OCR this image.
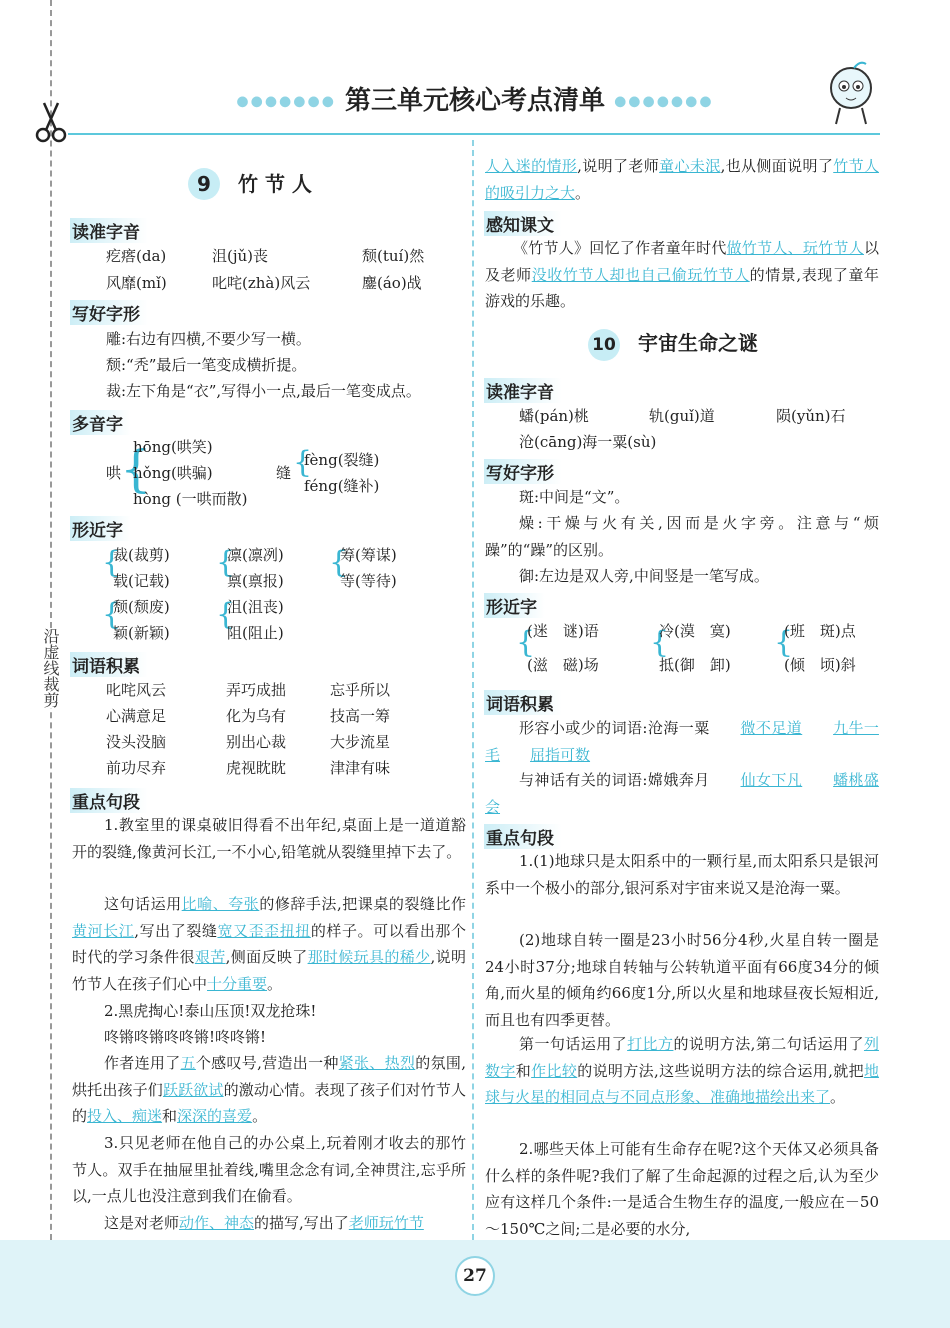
沿虚线裁剪
●●●●●●● 第三单元核心考点清单 ●●●●●●●
9 竹 节 人
读准字音
疙瘩(da)	沮(jǔ)丧	颓(tuí)然
风靡(mǐ)	叱咤(zhà)风云	鏖(áo)战
写好字形
雕:右边有四横,不要少写一横。
颓:“秃”最后一笔变成横折提。
裁:左下角是“衣”,写得小一点,最后一笔变成点。
多音字
哄
{
hōng(哄笑)
hǒng(哄骗)
hòng (一哄而散)
缝 {
fèng(裂缝)
féng(缝补)
形近字
{
裁(裁剪)
载(记载)
{
凛(凛冽)
禀(禀报)
{
筹(筹谋)
等(等待)
{
颓(颓废)
颖(新颖)
{
沮(沮丧)
阻(阻止)
词语积累
叱咤风云	弄巧成拙	忘乎所以
心满意足	化为乌有	技高一筹
没头没脑	别出心裁	大步流星
前功尽弃	虎视眈眈	津津有味
重点句段
1.教室里的课桌破旧得看不出年纪,桌面上是一道道豁开的裂缝,像黄河长江,一不小心,铅笔就从裂缝里掉下去了。
这句话运用比喻、夸张的修辞手法,把课桌的裂缝比作黄河长江,写出了裂缝宽又歪歪扭扭的样子。可以看出那个时代的学习条件很艰苦,侧面反映了那时候玩具的稀少,说明竹节人在孩子们心中十分重要。
2.黑虎掏心!泰山压顶!双龙抢珠!
咚锵咚锵咚咚锵!咚咚锵!
作者连用了五个感叹号,营造出一种紧张、热烈的氛围,烘托出孩子们跃跃欲试的激动心情。表现了孩子们对竹节人的投入、痴迷和深深的喜爱。
3.只见老师在他自己的办公桌上,玩着刚才收去的那竹节人。双手在抽屉里扯着线,嘴里念念有词,全神贯注,忘乎所以,一点儿也没注意到我们在偷看。
这是对老师动作、神态的描写,写出了老师玩竹节
人入迷的情形,说明了老师童心未泯,也从侧面说明了竹节人的吸引力之大。
感知课文
《竹节人》回忆了作者童年时代做竹节人、玩竹节人以及老师没收竹节人却也自己偷玩竹节人的情景,表现了童年游戏的乐趣。
10 宇宙生命之谜
读准字音
蟠(pán)桃	轨(guǐ)道	陨(yǔn)石
沧(cāng)海一粟(sù)
写好字形
斑:中间是“文”。
燥:干燥与火有关,因而是火字旁。注意与“烦躁”的“躁”的区别。
御:左边是双人旁,中间竖是一笔写成。
形近字
{
(迷　谜)语
(滋　磁)场
{
冷(漠　寞)
抵(御　卸)
{
(班　斑)点
(倾　顷)斜
词语积累
形容小或少的词语:沧海一粟　　 微不足道　　 九牛一毛　　 屈指可数
与神话有关的词语:嫦娥奔月　　 仙女下凡　　 蟠桃盛会
重点句段
1.(1)地球只是太阳系中的一颗行星,而太阳系只是银河系中一个极小的部分,银河系对宇宙来说又是沧海一粟。
(2)地球自转一圈是23小时56分4秒,火星自转一圈是24小时37分;地球自转轴与公转轨道平面有66度34分的倾角,而火星的倾角约66度1分,所以火星和地球昼夜长短相近,而且也有四季更替。
第一句话运用了打比方的说明方法,第二句话运用了列数字和作比较的说明方法,这些说明方法的综合运用,就把地球与火星的相同点与不同点形象、准确地描绘出来了。
2.哪些天体上可能有生命存在呢?这个天体又必须具备什么样的条件呢?我们了解了生命起源的过程之后,认为至少应有这样几个条件:一是适合生物生存的温度,一般应在－50～150℃之间;二是必要的水分,
27
